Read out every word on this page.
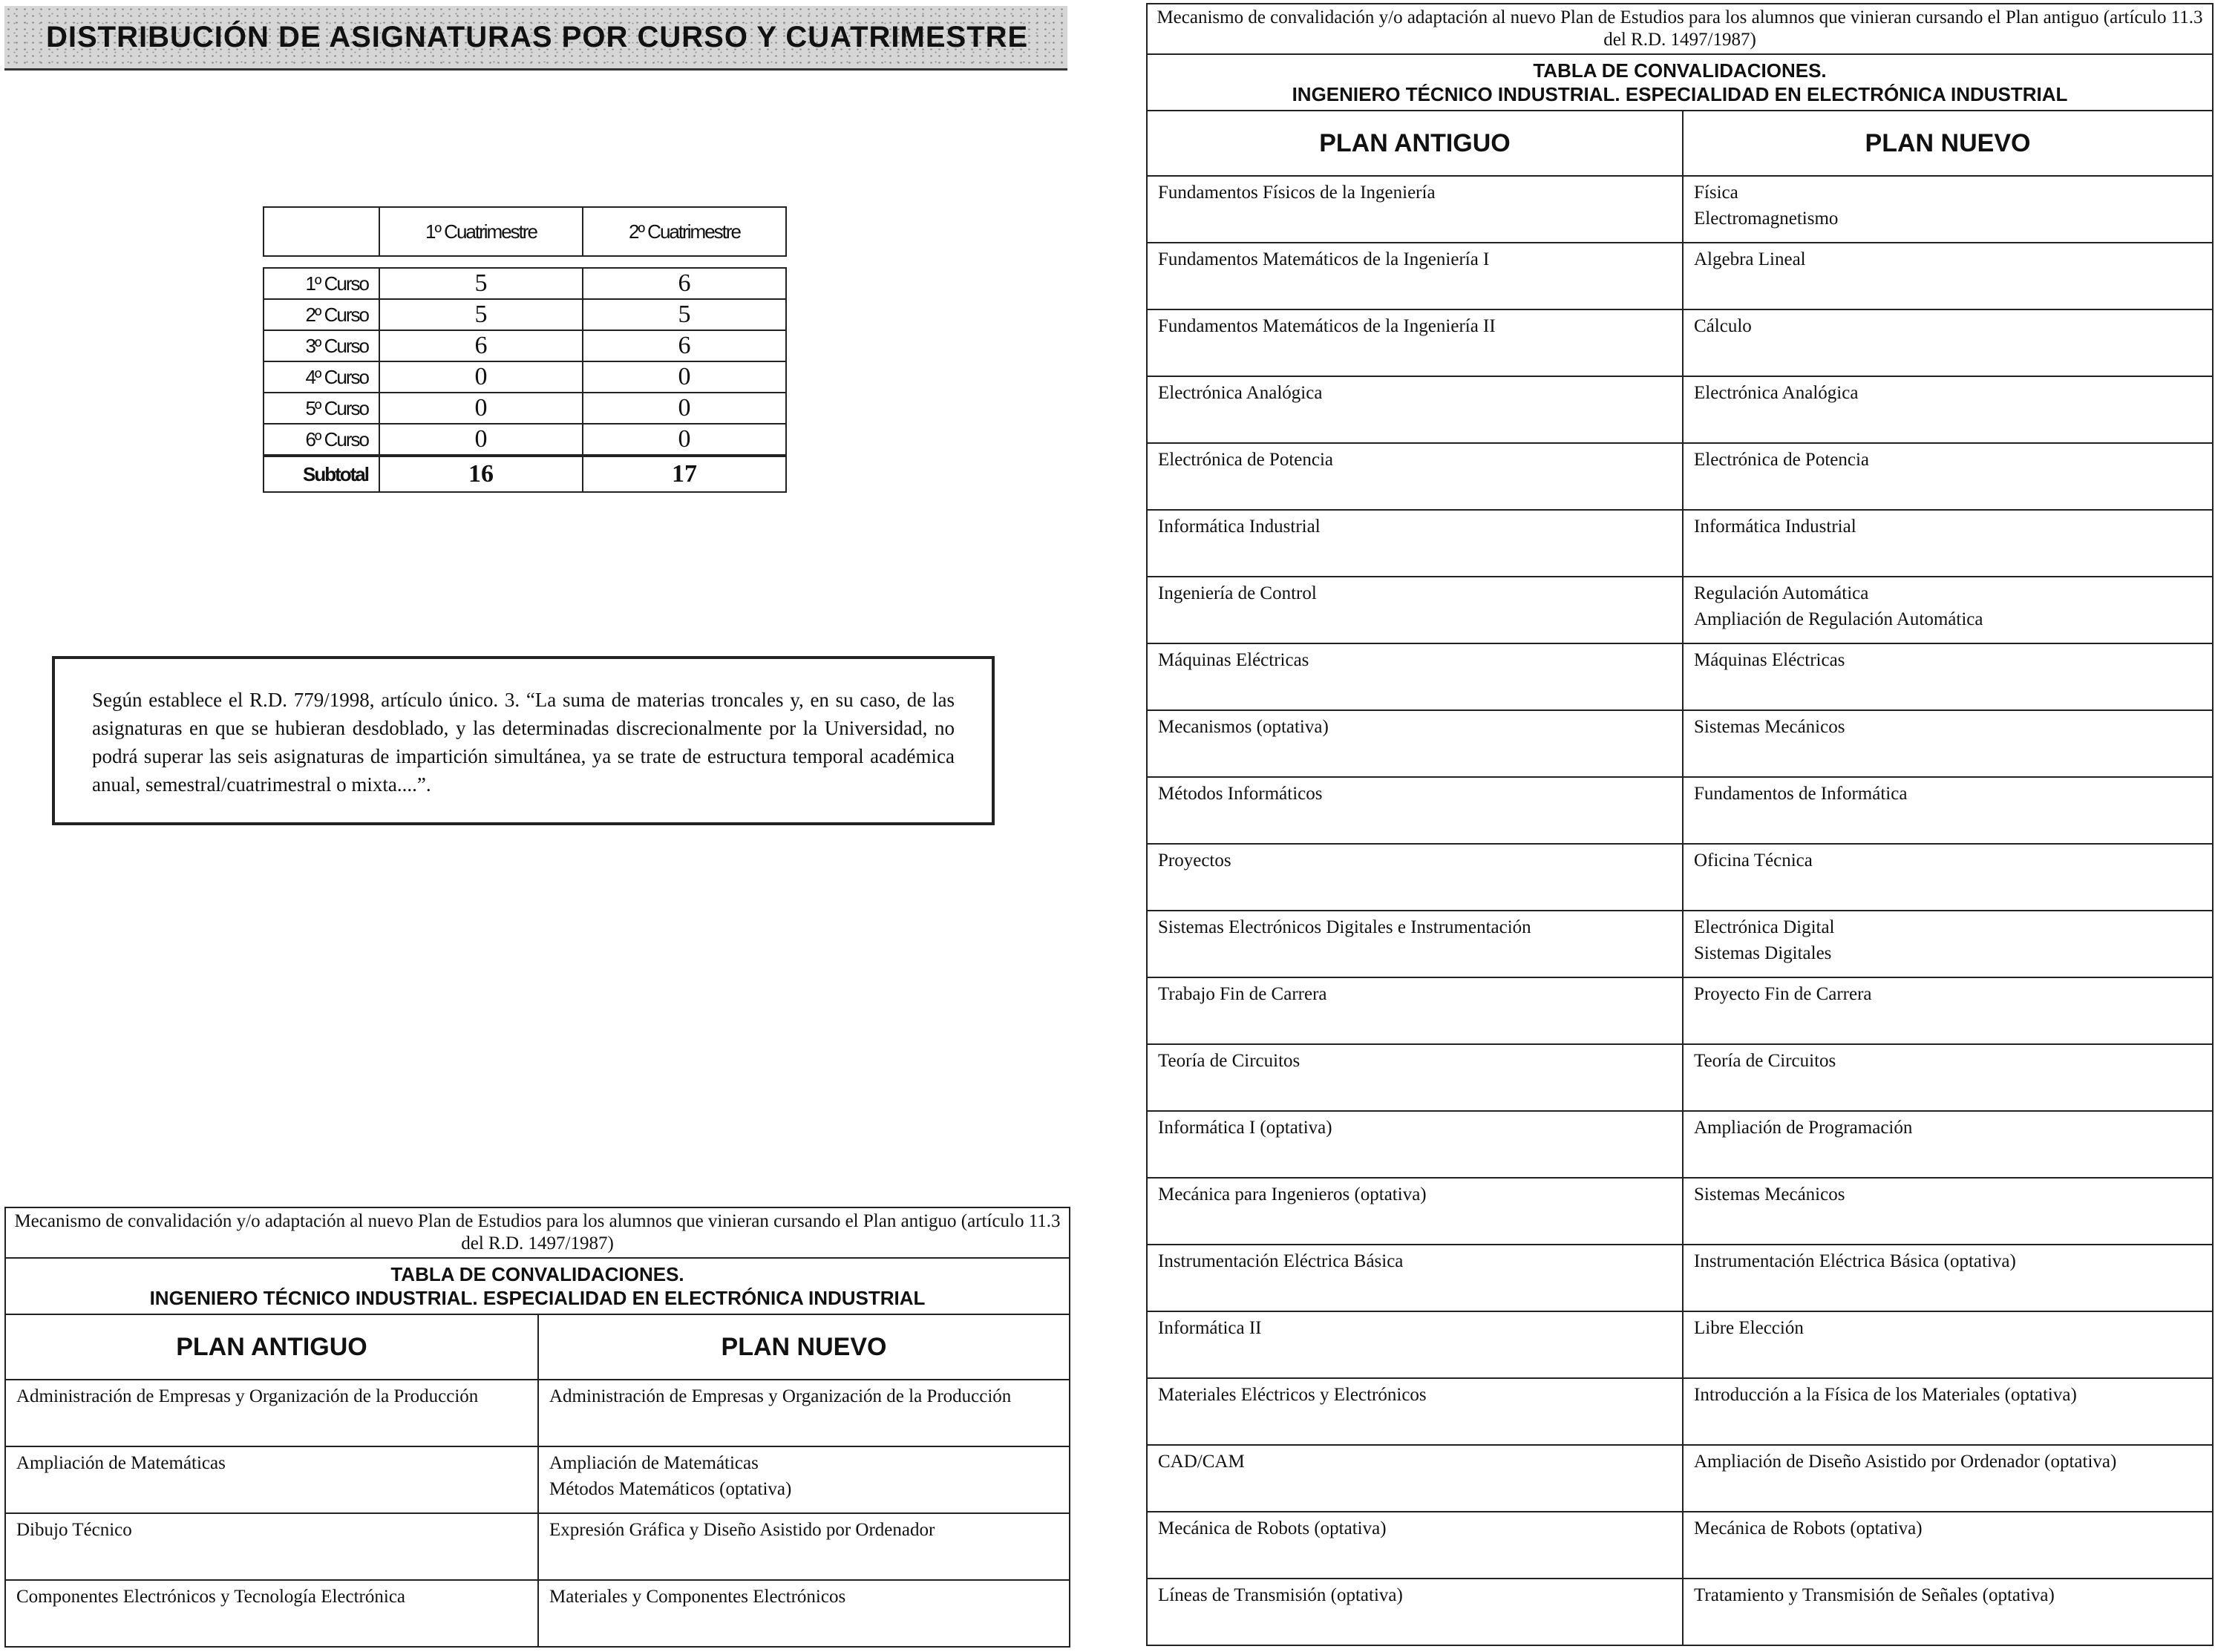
DISTRIBUCIÓN DE ASIGNATURAS POR CURSO Y CUATRIMESTRE
	1º Cuatrimestre	2º Cuatrimestre

1º Curso	5	6
2º Curso	5	5
3º Curso	6	6
4º Curso	0	0
5º Curso	0	0
6º Curso	0	0
Subtotal	16	17
Según establece el R.D. 779/1998, artículo único. 3. “La suma de materias troncales y, en su caso, de las asignaturas en que se hubieran desdoblado, y las determinadas discrecionalmente por la Universidad, no podrá superar las seis asignaturas de impartición simultánea, ya se trate de estructura temporal académica anual, semestral/cuatrimestral o mixta....”.
Mecanismo de convalidación y/o adaptación al nuevo Plan de Estudios para los alumnos que vinieran cursando el Plan antiguo (artículo 11.3 del R.D. 1497/1987)	

TABLA DE CONVALIDACIONES.
INGENIERO TÉCNICO INDUSTRIAL. ESPECIALIDAD EN ELECTRÓNICA INDUSTRIAL	

PLAN ANTIGUO	PLAN NUEVO
Administración de Empresas y Organización de la Producción	Administración de Empresas y Organización de la Producción
Ampliación de Matemáticas	Ampliación de Matemáticas
Métodos Matemáticos (optativa)

Dibujo Técnico	Expresión Gráfica y Diseño Asistido por Ordenador
Componentes Electrónicos y Tecnología Electrónica	Materiales y Componentes Electrónicos
Mecanismo de convalidación y/o adaptación al nuevo Plan de Estudios para los alumnos que vinieran cursando el Plan antiguo (artículo 11.3 del R.D. 1497/1987)	

TABLA DE CONVALIDACIONES.
INGENIERO TÉCNICO INDUSTRIAL. ESPECIALIDAD EN ELECTRÓNICA INDUSTRIAL	

PLAN ANTIGUO	PLAN NUEVO
Fundamentos Físicos de la Ingeniería	Física
Electromagnetismo

Fundamentos Matemáticos de la Ingeniería I	Algebra Lineal
Fundamentos Matemáticos de la Ingeniería II	Cálculo
Electrónica Analógica	Electrónica Analógica
Electrónica de Potencia	Electrónica de Potencia
Informática Industrial	Informática Industrial
Ingeniería de Control	Regulación Automática
Ampliación de Regulación Automática

Máquinas Eléctricas	Máquinas Eléctricas
Mecanismos (optativa)	Sistemas Mecánicos
Métodos Informáticos	Fundamentos de Informática
Proyectos	Oficina Técnica
Sistemas Electrónicos Digitales e Instrumentación	Electrónica Digital
Sistemas Digitales

Trabajo Fin de Carrera	Proyecto Fin de Carrera
Teoría de Circuitos	Teoría de Circuitos
Informática I (optativa)	Ampliación de Programación
Mecánica para Ingenieros (optativa)	Sistemas Mecánicos
Instrumentación Eléctrica Básica	Instrumentación Eléctrica Básica (optativa)
Informática II	Libre Elección
Materiales Eléctricos y Electrónicos	Introducción a la Física de los Materiales (optativa)
CAD/CAM	Ampliación de Diseño Asistido por Ordenador (optativa)
Mecánica de Robots (optativa)	Mecánica de Robots (optativa)
Líneas de Transmisión (optativa)	Tratamiento y Transmisión de Señales (optativa)
